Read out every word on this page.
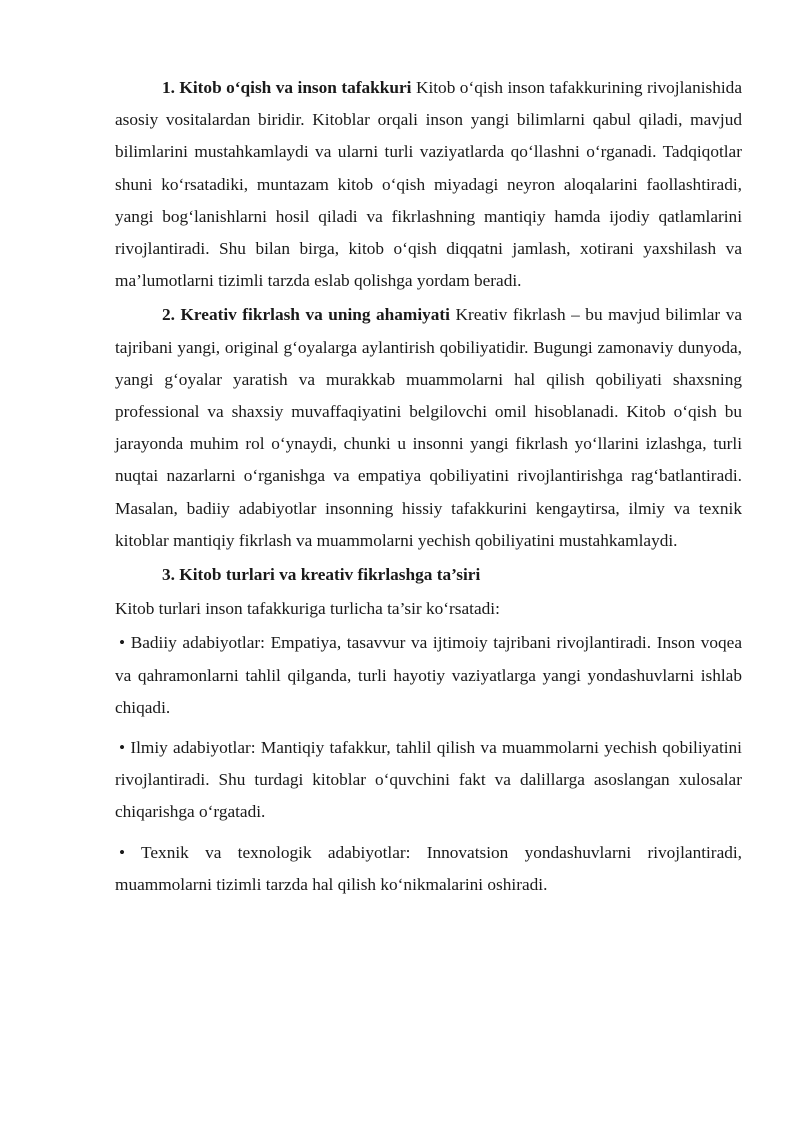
1. Kitob o‘qish va inson tafakkuri Kitob o‘qish inson tafakkurining rivojlanishida asosiy vositalardan biridir. Kitoblar orqali inson yangi bilimlarni qabul qiladi, mavjud bilimlarini mustahkamlaydi va ularni turli vaziyatlarda qo‘llashni o‘rganadi. Tadqiqotlar shuni ko‘rsatadiki, muntazam kitob o‘qish miyadagi neyron aloqalarini faollashtiradi, yangi bog‘lanishlarni hosil qiladi va fikrlashning mantiqiy hamda ijodiy qatlamlarini rivojlantiradi. Shu bilan birga, kitob o‘qish diqqatni jamlash, xotirani yaxshilash va ma’lumotlarni tizimli tarzda eslab qolishga yordam beradi.

2. Kreativ fikrlash va uning ahamiyati Kreativ fikrlash – bu mavjud bilimlar va tajribani yangi, original g‘oyalarga aylantirish qobiliyatidir. Bugungi zamonaviy dunyoda, yangi g‘oyalar yaratish va murakkab muammolarni hal qilish qobiliyati shaxsning professional va shaxsiy muvaffaqiyatini belgilovchi omil hisoblanadi. Kitob o‘qish bu jarayonda muhim rol o‘ynaydi, chunki u insonni yangi fikrlash yo‘llarini izlashga, turli nuqtai nazarlarni o‘rganishga va empatiya qobiliyatini rivojlantirishga rag‘batlantiradi. Masalan, badiiy adabiyotlar insonning hissiy tafakkurini kengaytirsa, ilmiy va texnik kitoblar mantiqiy fikrlash va muammolarni yechish qobiliyatini mustahkamlaydi.

3. Kitob turlari va kreativ fikrlashga ta’siri

Kitob turlari inson tafakkuriga turlicha ta’sir ko‘rsatadi:

• Badiiy adabiyotlar: Empatiya, tasavvur va ijtimoiy tajribani rivojlantiradi. Inson voqea va qahramonlarni tahlil qilganda, turli hayotiy vaziyatlarga yangi yondashuvlarni ishlab chiqadi.

• Ilmiy adabiyotlar: Mantiqiy tafakkur, tahlil qilish va muammolarni yechish qobiliyatini rivojlantiradi. Shu turdagi kitoblar o‘quvchini fakt va dalillarga asoslangan xulosalar chiqarishga o‘rgatadi.

• Texnik va texnologik adabiyotlar: Innovatsion yondashuvlarni rivojlantiradi, muammolarni tizimli tarzda hal qilish ko‘nikmalarini oshiradi.
